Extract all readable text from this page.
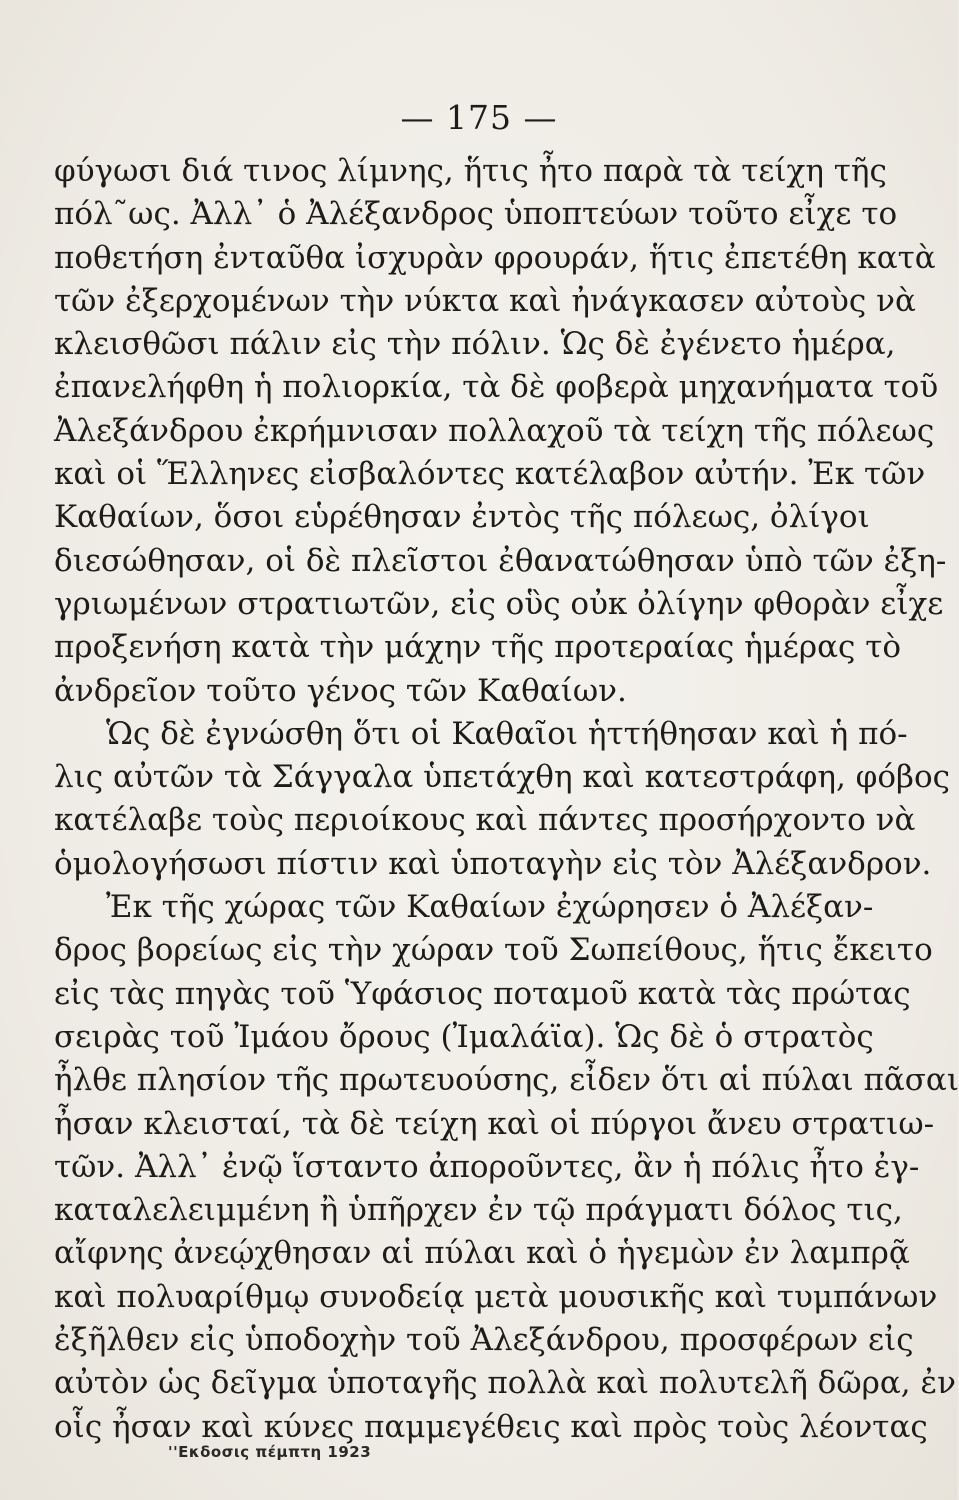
— 175 —
φύγωσι διά τινος λίμνης, ἥτις ἦτο παρὰ τὰ τείχη τῆς
πόλ῀ως. Ἀλλ᾽ ὁ Ἀλέξανδρος ὑποπτεύων τοῦτο εἶχε το
ποθετήση ἐνταῦθα ἰσχυρὰν φρουράν, ἥτις ἐπετέθη κατὰ
τῶν ἐξερχομένων τὴν νύκτα καὶ ἠνάγκασεν αὐτοὺς νὰ
κλεισθῶσι πάλιν εἰς τὴν πόλιν. Ὡς δὲ ἐγένετο ἡμέρα,
ἐπανελήφθη ἡ πολιορκία, τὰ δὲ φοβερὰ μηχανήματα τοῦ
Ἀλεξάνδρου ἐκρήμνισαν πολλαχοῦ τὰ τείχη τῆς πόλεως
καὶ οἱ Ἕλληνες εἰσβαλόντες κατέλαβον αὐτήν. Ἐκ τῶν
Καθαίων, ὅσοι εὑρέθησαν ἐντὸς τῆς πόλεως, ὀλίγοι
διεσώθησαν, οἱ δὲ πλεῖστοι ἐθανατώθησαν ὑπὸ τῶν ἐξη-
γριωμένων στρατιωτῶν, εἰς οὓς οὐκ ὀλίγην φθορὰν εἶχε
προξενήση κατὰ τὴν μάχην τῆς προτεραίας ἡμέρας τὸ
ἀνδρεῖον τοῦτο γένος τῶν Καθαίων.
Ὡς δὲ ἐγνώσθη ὅτι οἱ Καθαῖοι ἡττήθησαν καὶ ἡ πό-
λις αὐτῶν τὰ Σάγγαλα ὑπετάχθη καὶ κατεστράφη, φόβος
κατέλαβε τοὺς περιοίκους καὶ πάντες προσήρχοντο νὰ
ὁμολογήσωσι πίστιν καὶ ὑποταγὴν εἰς τὸν Ἀλέξανδρον.
Ἐκ τῆς χώρας τῶν Καθαίων ἐχώρησεν ὁ Ἀλέξαν-
δρος βορείως εἰς τὴν χώραν τοῦ Σωπείθους, ἥτις ἔκειτο
εἰς τὰς πηγὰς τοῦ Ὑφάσιος ποταμοῦ κατὰ τὰς πρώτας
σειρὰς τοῦ Ἰμάου ὄρους (Ἰμαλάϊα). Ὡς δὲ ὁ στρατὸς
ἦλθε πλησίον τῆς πρωτευούσης, εἶδεν ὅτι αἱ πύλαι πᾶσαι
ἦσαν κλεισταί, τὰ δὲ τείχη καὶ οἱ πύργοι ἄνευ στρατιω-
τῶν. Ἀλλ᾽ ἐνῷ ἵσταντο ἀποροῦντες, ἂν ἡ πόλις ἦτο ἐγ-
καταλελειμμένη ἢ ὑπῆρχεν ἐν τῷ πράγματι δόλος τις,
αἴφνης ἀνεῴχθησαν αἱ πύλαι καὶ ὁ ἡγεμὼν ἐν λαμπρᾷ
καὶ πολυαρίθμῳ συνοδείᾳ μετὰ μουσικῆς καὶ τυμπάνων
ἐξῆλθεν εἰς ὑποδοχὴν τοῦ Ἀλεξάνδρου, προσφέρων εἰς
αὐτὸν ὡς δεῖγμα ὑποταγῆς πολλὰ καὶ πολυτελῆ δῶρα, ἐν
οἷς ἦσαν καὶ κύνες παμμεγέθεις καὶ πρὸς τοὺς λέοντας
''Εκδοσις πέμπτη 1923
